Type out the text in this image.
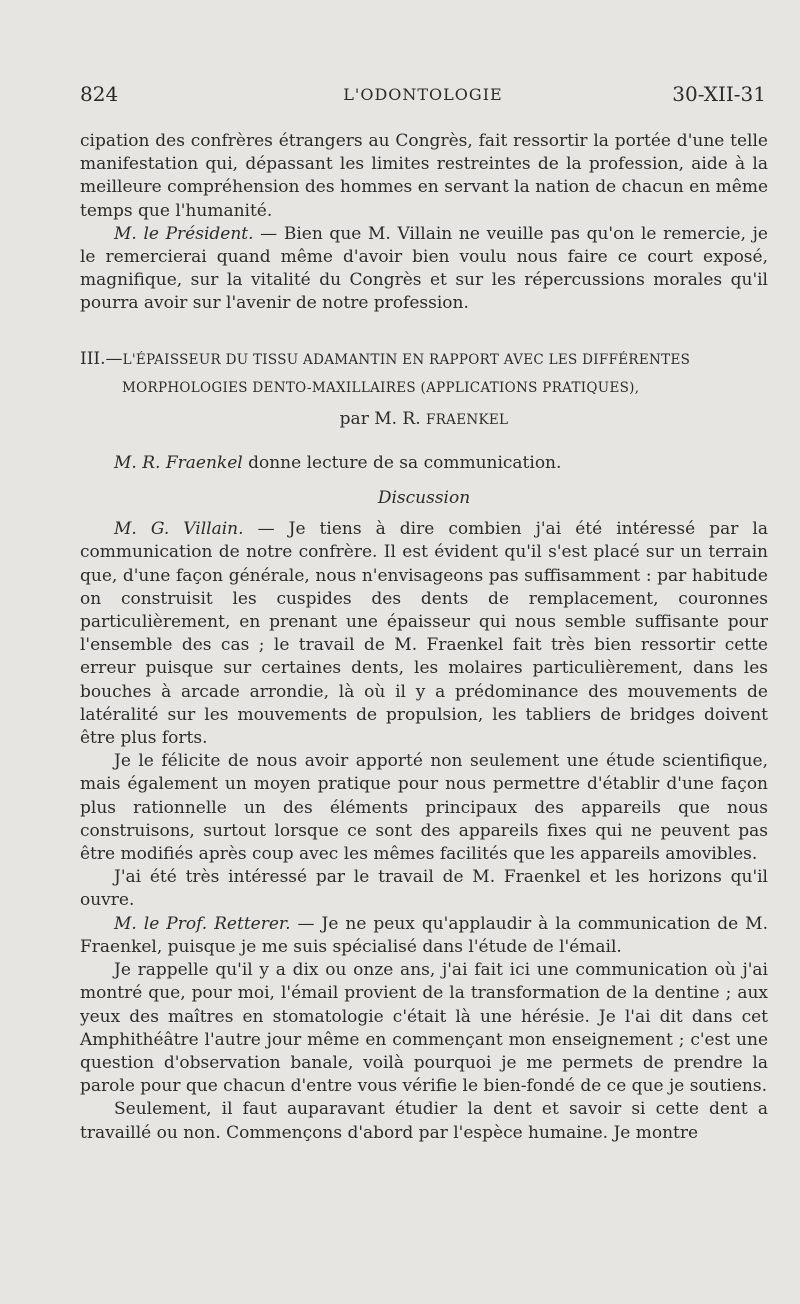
824	L'ODONTOLOGIE	30-XII-31

cipation des confrères étrangers au Congrès, fait ressortir la portée d'une telle manifestation qui, dépassant les limites restreintes de la profession, aide à la meilleure compréhension des hommes en servant la nation de chacun en même temps que l'humanité.

M. le Président. — Bien que M. Villain ne veuille pas qu'on le remercie, je le remercierai quand même d'avoir bien voulu nous faire ce court exposé, magnifique, sur la vitalité du Congrès et sur les répercussions morales qu'il pourra avoir sur l'avenir de notre profession.

III.—L'ÉPAISSEUR DU TISSU ADAMANTIN EN RAPPORT AVEC LES DIFFÉRENTES
MORPHOLOGIES DENTO-MAXILLAIRES (APPLICATIONS PRATIQUES),

par M. R. FRAENKEL

M. R. Fraenkel donne lecture de sa communication.

Discussion

M. G. Villain. — Je tiens à dire combien j'ai été intéressé par la communication de notre confrère. Il est évident qu'il s'est placé sur un terrain que, d'une façon générale, nous n'envisageons pas suffisamment : par habitude on construisit les cuspides des dents de remplacement, couronnes particulièrement, en prenant une épaisseur qui nous semble suffisante pour l'ensemble des cas ; le travail de M. Fraenkel fait très bien ressortir cette erreur puisque sur certaines dents, les molaires particulièrement, dans les bouches à arcade arrondie, là où il y a prédominance des mouvements de latéralité sur les mouvements de propulsion, les tabliers de bridges doivent être plus forts.

Je le félicite de nous avoir apporté non seulement une étude scientifique, mais également un moyen pratique pour nous permettre d'établir d'une façon plus rationnelle un des éléments principaux des appareils que nous construisons, surtout lorsque ce sont des appareils fixes qui ne peuvent pas être modifiés après coup avec les mêmes facilités que les appareils amovibles.

J'ai été très intéressé par le travail de M. Fraenkel et les horizons qu'il ouvre.

M. le Prof. Retterer. — Je ne peux qu'applaudir à la communication de M. Fraenkel, puisque je me suis spécialisé dans l'étude de l'émail.

Je rappelle qu'il y a dix ou onze ans, j'ai fait ici une communication où j'ai montré que, pour moi, l'émail provient de la transformation de la dentine ; aux yeux des maîtres en stomatologie c'était là une hérésie. Je l'ai dit dans cet Amphithéâtre l'autre jour même en commençant mon enseignement ; c'est une question d'observation banale, voilà pourquoi je me permets de prendre la parole pour que chacun d'entre vous vérifie le bien-fondé de ce que je soutiens.

Seulement, il faut auparavant étudier la dent et savoir si cette dent a travaillé ou non. Commençons d'abord par l'espèce humaine. Je montre
